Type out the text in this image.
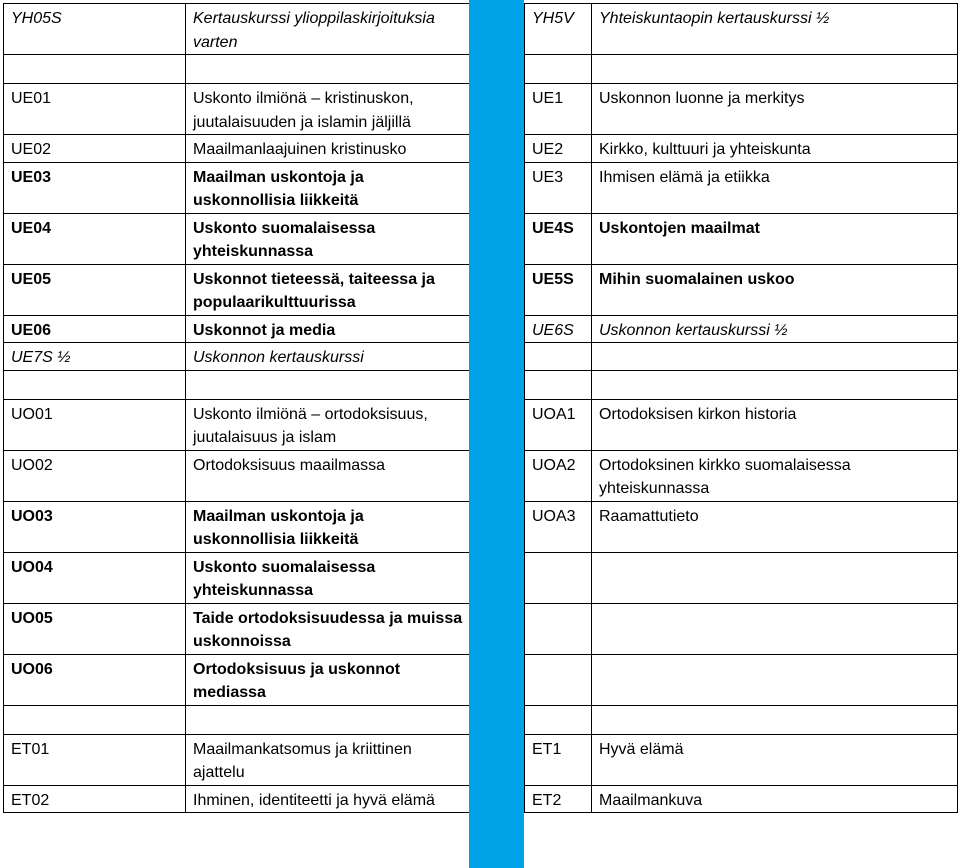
YH05S	Kertauskurssi ylioppilaskirjoituksia varten		YH5V	Yhteiskuntaopin kertauskurssi ½

UE01	Uskonto ilmiönä – kristinuskon, juutalaisuuden ja islamin jäljillä		UE1	Uskonnon luonne ja merkitys
UE02	Maailmanlaajuinen kristinusko		UE2	Kirkko, kulttuuri ja yhteiskunta
UE03	Maailman uskontoja ja uskonnollisia liikkeitä		UE3	Ihmisen elämä ja etiikka
UE04	Uskonto suomalaisessa yhteiskunnassa		UE4S	Uskontojen maailmat
UE05	Uskonnot tieteessä, taiteessa ja populaarikulttuurissa		UE5S	Mihin suomalainen uskoo
UE06	Uskonnot ja media		UE6S	Uskonnon kertauskurssi ½
UE7S ½	Uskonnon kertauskurssi			

UO01	Uskonto ilmiönä – ortodoksisuus, juutalaisuus ja islam		UOA1	Ortodoksisen kirkon historia
UO02	Ortodoksisuus maailmassa		UOA2	Ortodoksinen kirkko suomalaisessa yhteiskunnassa
UO03	Maailman uskontoja ja uskonnollisia liikkeitä		UOA3	Raamattutieto
UO04	Uskonto suomalaisessa yhteiskunnassa			
UO05	Taide ortodoksisuudessa ja muissa uskonnoissa			
UO06	Ortodoksisuus ja uskonnot mediassa			

ET01	Maailmankatsomus ja kriittinen ajattelu		ET1	Hyvä elämä
ET02	Ihminen, identiteetti ja hyvä elämä		ET2	Maailmankuva
